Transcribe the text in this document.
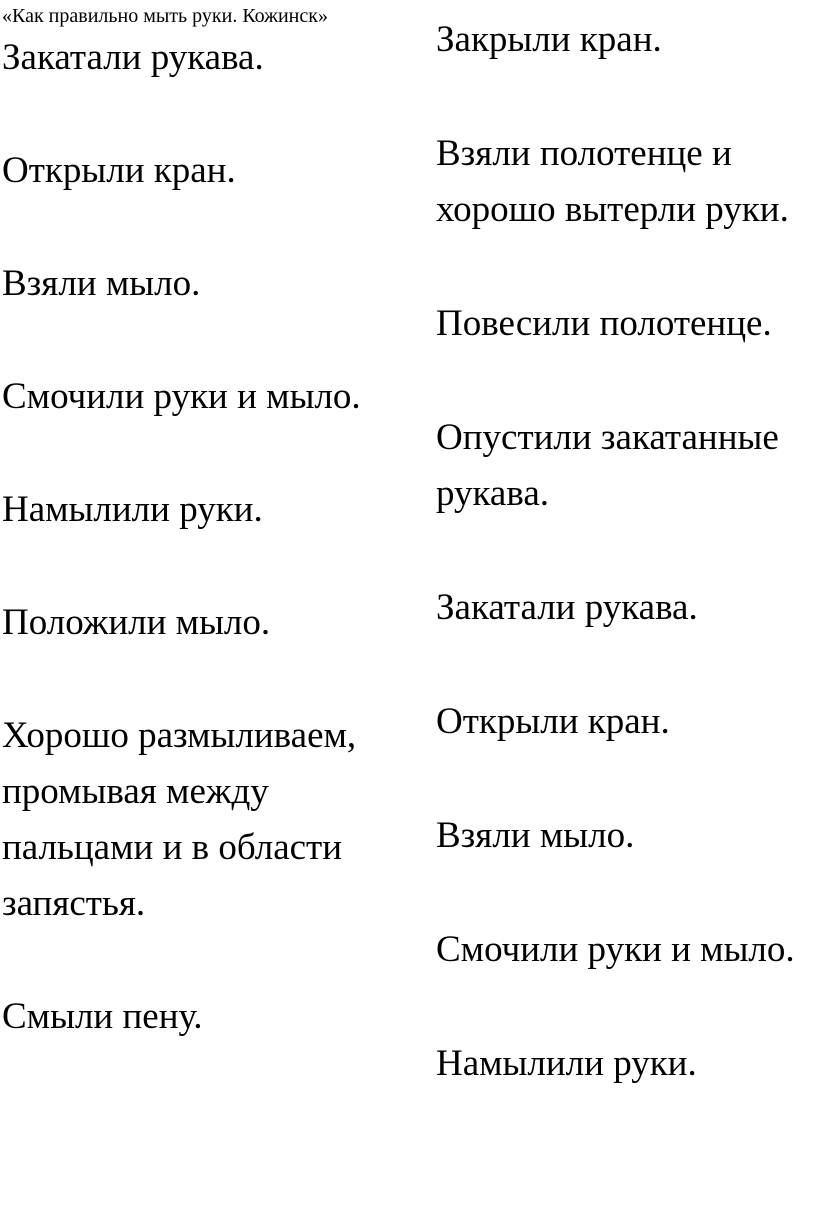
«Как правильно мыть руки. Кожинск»
Закатали рукава.
Открыли кран.
Взяли мыло.
Смочили руки и мыло.
Намылили руки.
Положили мыло.
Хорошо размыливаем, промывая между пальцами и в области запястья.
Смыли пену.
Закрыли кран.
Взяли полотенце и хорошо вытерли руки.
Повесили полотенце.
Опустили закатанные рукава.
Закатали рукава.
Открыли кран.
Взяли мыло.
Смочили руки и мыло.
Намылили руки.
